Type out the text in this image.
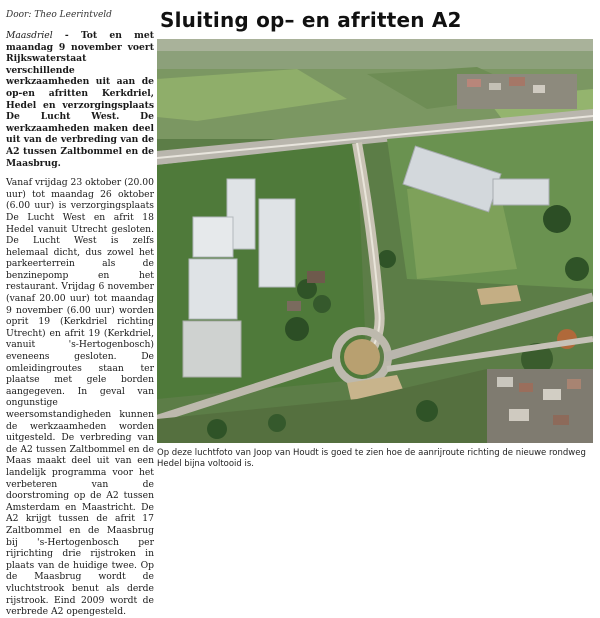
Door: Theo Leerintveld Sluiting op– en afritten A2

Maasdriel - Tot en met maandag 9 november voert Rijkswaterstaat verschillende werkzaamheden uit aan de op-en afritten Kerkdriel, Hedel en verzorgingsplaats De Lucht West. De werkzaamheden maken deel uit van de verbreding van de A2 tussen Zaltbommel en de Maasbrug.

Vanaf vrijdag 23 oktober (20.00 uur) tot maandag 26 oktober (6.00 uur) is verzorgingsplaats De Lucht West en afrit 18 Hedel vanuit Utrecht gesloten. De Lucht West is zelfs helemaal dicht, dus zowel het parkeerterrein als de benzinepomp en het restaurant. Vrijdag 6 november (vanaf 20.00 uur) tot maandag 9 november (6.00 uur) worden oprit 19 (Kerkdriel richting Utrecht) en afrit 19 (Kerkdriel, vanuit 's-Hertogenbosch) eveneens gesloten. De omleidingroutes staan ter plaatse met gele borden aangegeven. In geval van ongunstige weersomstandigheden kunnen de werkzaamheden worden uitgesteld. De verbreding van de A2 tussen Zaltbommel en de Maas maakt deel uit van een landelijk programma voor het verbeteren van de doorstroming op de A2 tussen Amsterdam en Maastricht. De A2 krijgt tussen de afrit 17 Zaltbommel en de Maasbrug bij 's-Hertogenbosch per rijrichting drie rijstroken in plaats van de huidige twee. Op de Maasbrug wordt de vluchtstrook benut als derde rijstrook. Eind 2009 wordt de verbrede A2 opengesteld.

Op deze luchtfoto van Joop van Houdt is goed te zien hoe de aanrijroute richting de nieuwe rondweg Hedel bijna voltooid is.
